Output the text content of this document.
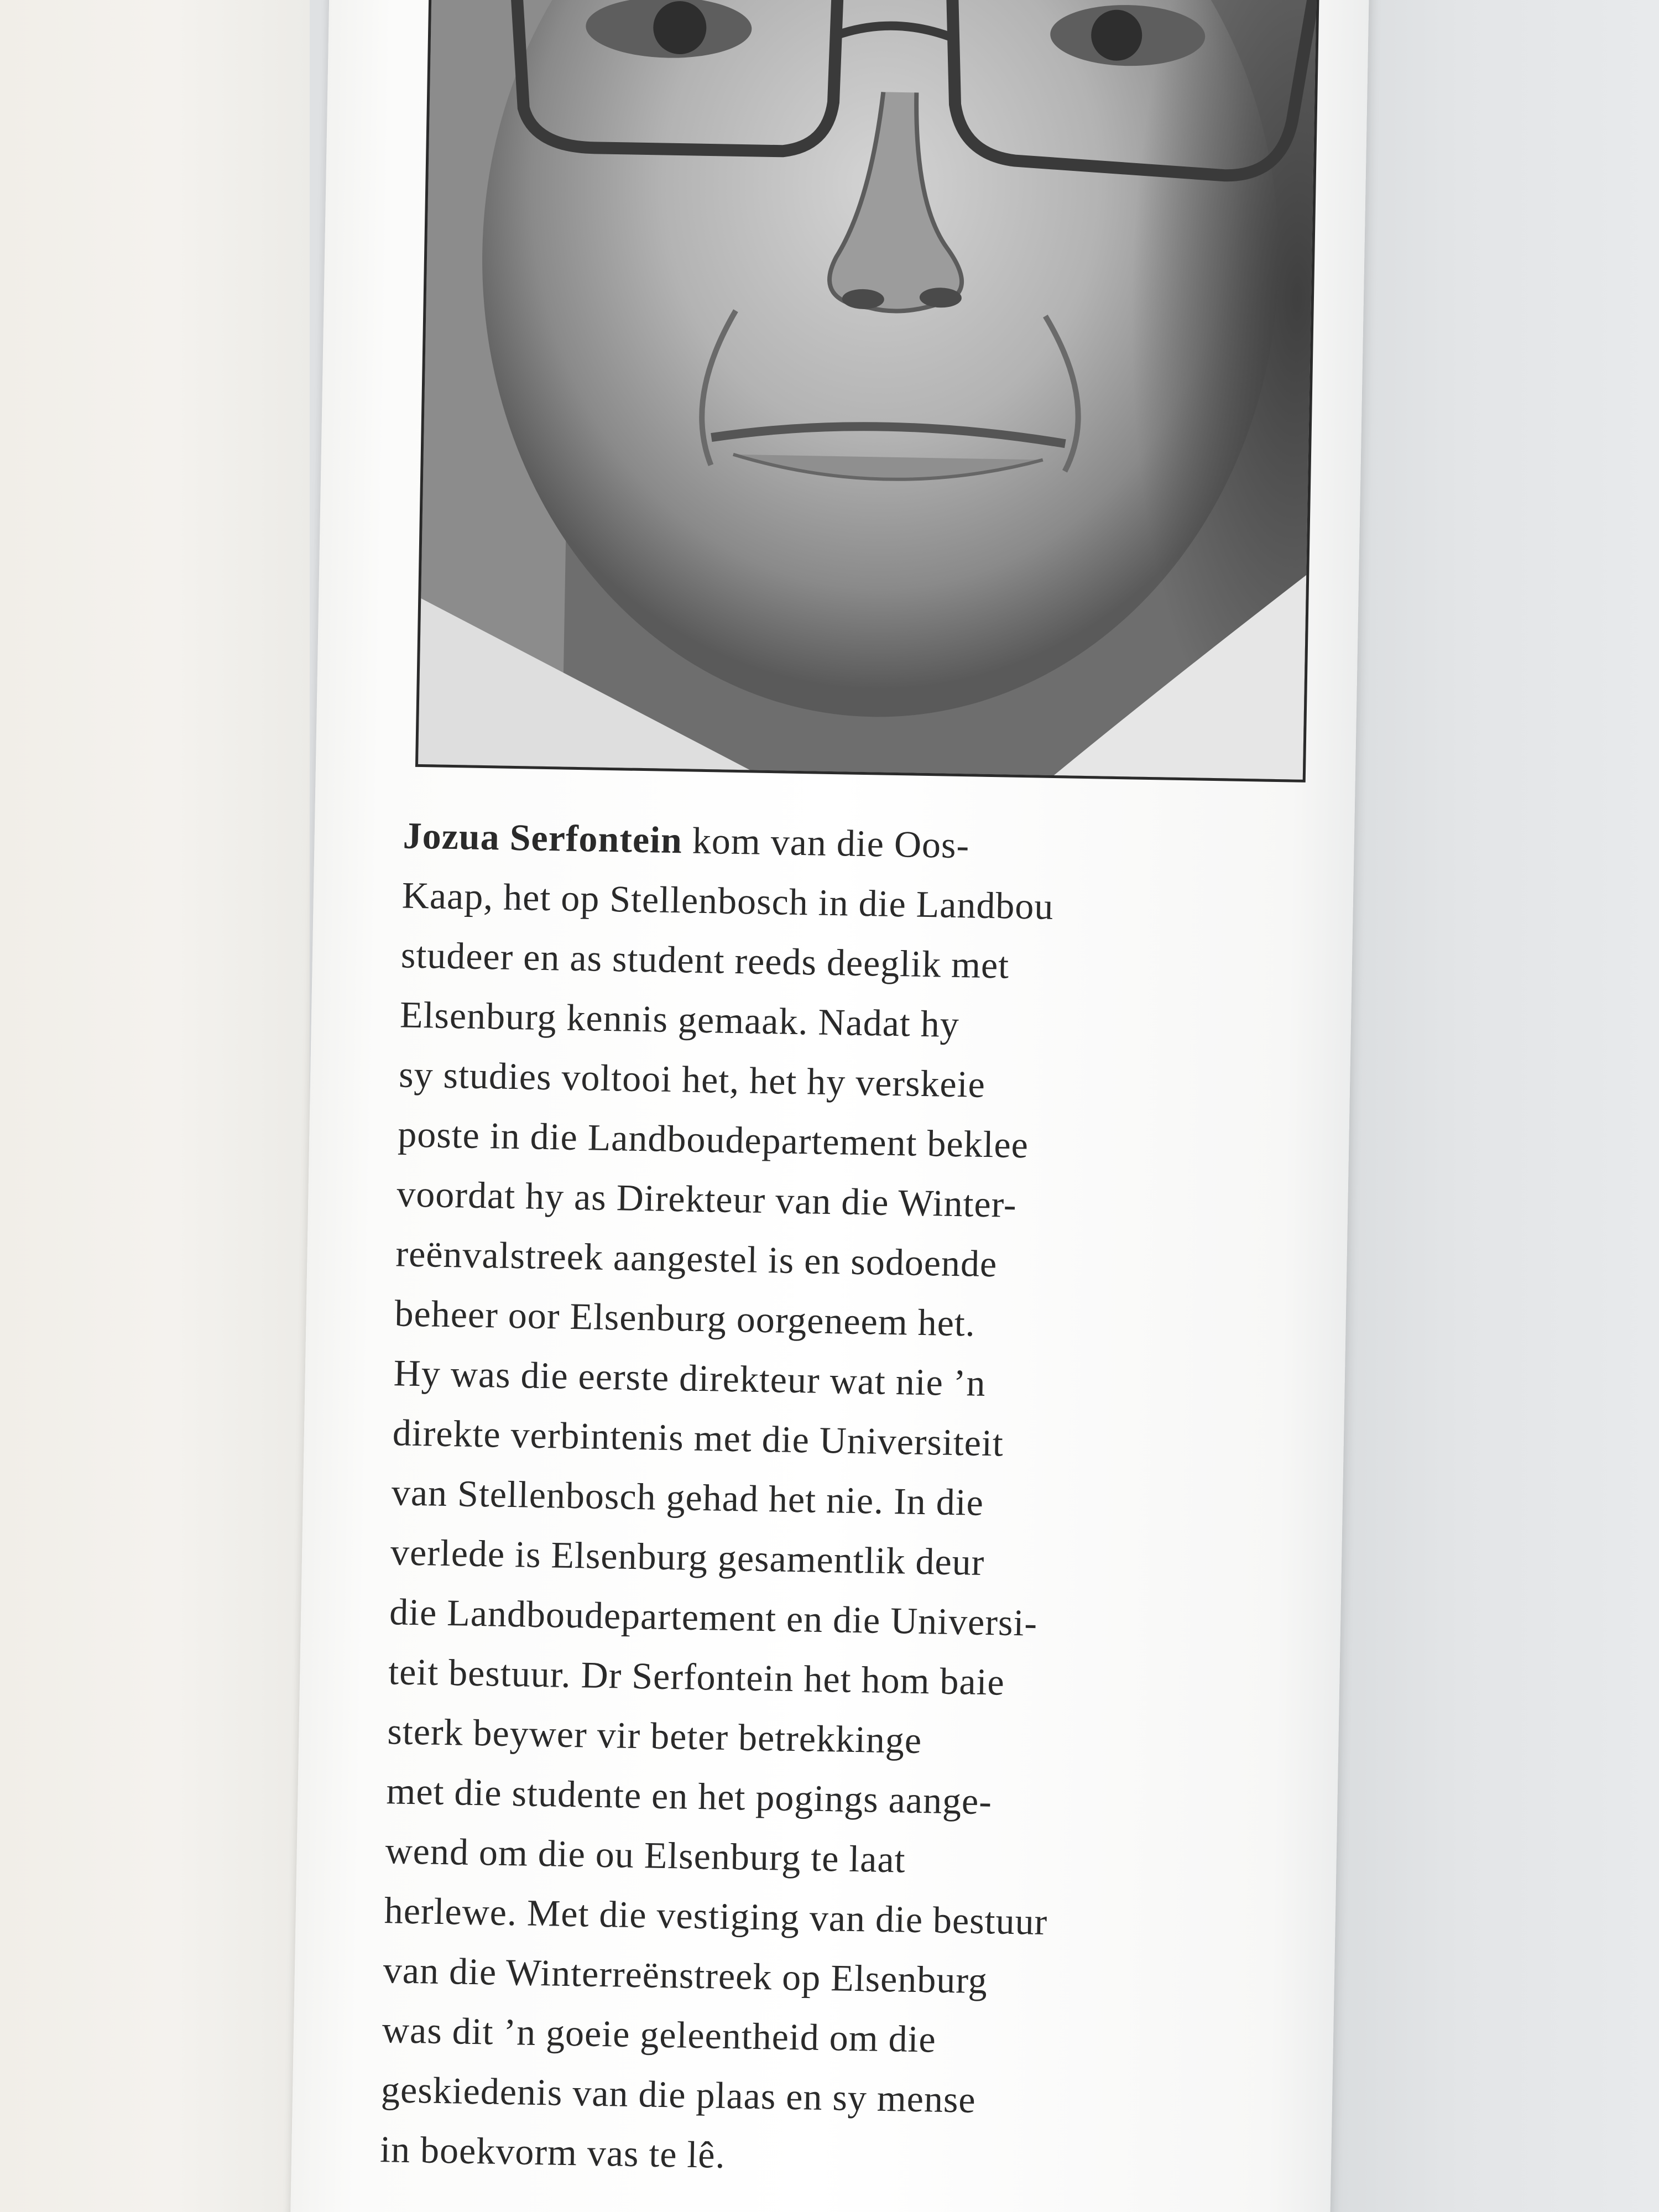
Jozua Serfontein kom van die Oos-
Kaap, het op Stellenbosch in die Landbou
studeer en as student reeds deeglik met
Elsenburg kennis gemaak. Nadat hy
sy studies voltooi het, het hy verskeie
poste in die Landboudepartement beklee
voordat hy as Direkteur van die Winter-
reënvalstreek aangestel is en sodoende
beheer oor Elsenburg oorgeneem het.
Hy was die eerste direkteur wat nie ’n
direkte verbintenis met die Universiteit
van Stellenbosch gehad het nie. In die
verlede is Elsenburg gesamentlik deur
die Landboudepartement en die Universi-
teit bestuur. Dr Serfontein het hom baie
sterk beywer vir beter betrekkinge
met die studente en het pogings aange-
wend om die ou Elsenburg te laat
herlewe. Met die vestiging van die bestuur
van die Winterreënstreek op Elsenburg
was dit ’n goeie geleentheid om die
geskiedenis van die plaas en sy mense
in boekvorm vas te lê.
